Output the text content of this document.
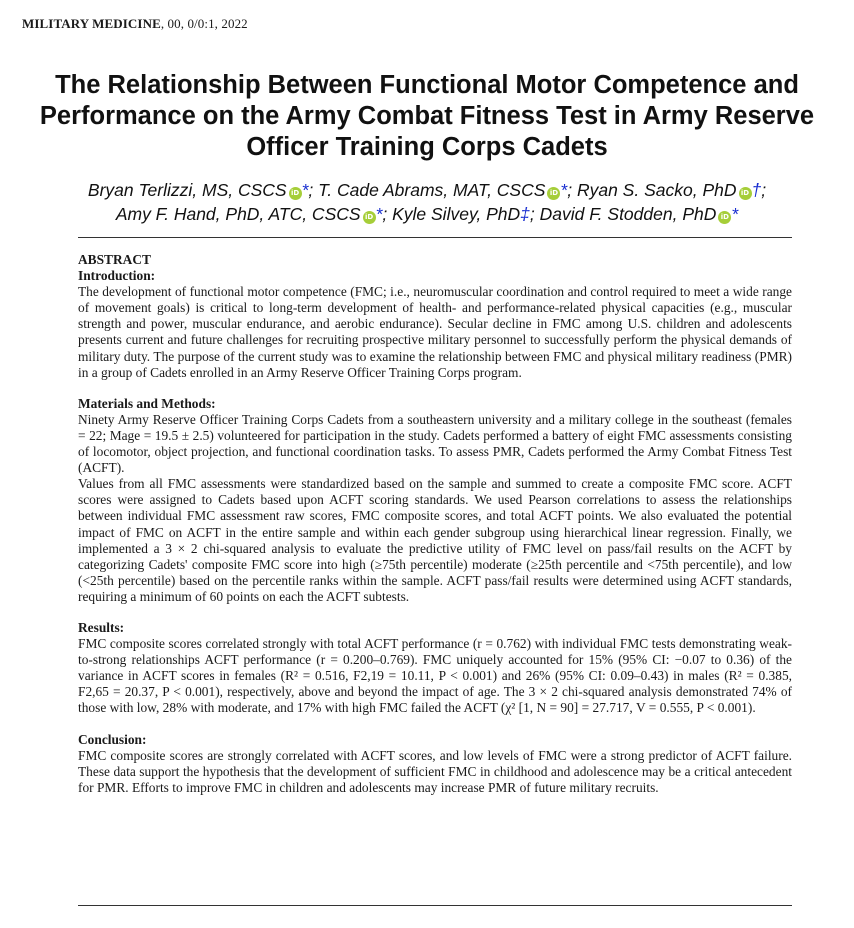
MILITARY MEDICINE, 00, 0/0:1, 2022
The Relationship Between Functional Motor Competence and Performance on the Army Combat Fitness Test in Army Reserve Officer Training Corps Cadets
Bryan Terlizzi, MS, CSCS iD *; T. Cade Abrams, MAT, CSCS iD *; Ryan S. Sacko, PhD iD †;
Amy F. Hand, PhD, ATC, CSCS iD *; Kyle Silvey, PhD‡; David F. Stodden, PhD iD *
ABSTRACT
Introduction:

The development of functional motor competence (FMC; i.e., neuromuscular coordination and control required to meet a wide range of movement goals) is critical to long-term development of health- and performance-related physical capacities (e.g., muscular strength and power, muscular endurance, and aerobic endurance). Secular decline in FMC among U.S. children and adolescents presents current and future challenges for recruiting prospective military personnel to successfully perform the physical demands of military duty. The purpose of the current study was to examine the relationship between FMC and physical military readiness (PMR) in a group of Cadets enrolled in an Army Reserve Officer Training Corps program.

Materials and Methods:

Ninety Army Reserve Officer Training Corps Cadets from a southeastern university and a military college in the southeast (females = 22; Mage = 19.5 ± 2.5) volunteered for participation in the study. Cadets performed a battery of eight FMC assessments consisting of locomotor, object projection, and functional coordination tasks. To assess PMR, Cadets performed the Army Combat Fitness Test (ACFT).

Values from all FMC assessments were standardized based on the sample and summed to create a composite FMC score. ACFT scores were assigned to Cadets based upon ACFT scoring standards. We used Pearson correlations to assess the relationships between individual FMC assessment raw scores, FMC composite scores, and total ACFT points. We also evaluated the potential impact of FMC on ACFT in the entire sample and within each gender subgroup using hierarchical linear regression. Finally, we implemented a 3 × 2 chi-squared analysis to evaluate the predictive utility of FMC level on pass/fail results on the ACFT by categorizing Cadets' composite FMC score into high (≥75th percentile) moderate (≥25th percentile and <75th percentile), and low (<25th percentile) based on the percentile ranks within the sample. ACFT pass/fail results were determined using ACFT standards, requiring a minimum of 60 points on each the ACFT subtests.

Results:

FMC composite scores correlated strongly with total ACFT performance (r = 0.762) with individual FMC tests demonstrating weak-to-strong relationships ACFT performance (r = 0.200–0.769). FMC uniquely accounted for 15% (95% CI: −0.07 to 0.36) of the variance in ACFT scores in females (R² = 0.516, F2,19 = 10.11, P < 0.001) and 26% (95% CI: 0.09–0.43) in males (R² = 0.385, F2,65 = 20.37, P < 0.001), respectively, above and beyond the impact of age. The 3 × 2 chi-squared analysis demonstrated 74% of those with low, 28% with moderate, and 17% with high FMC failed the ACFT (χ² [1, N = 90] = 27.717, V = 0.555, P < 0.001).

Conclusion:

FMC composite scores are strongly correlated with ACFT scores, and low levels of FMC were a strong predictor of ACFT failure. These data support the hypothesis that the development of sufficient FMC in childhood and adolescence may be a critical antecedent for PMR. Efforts to improve FMC in children and adolescents may increase PMR of future military recruits.
